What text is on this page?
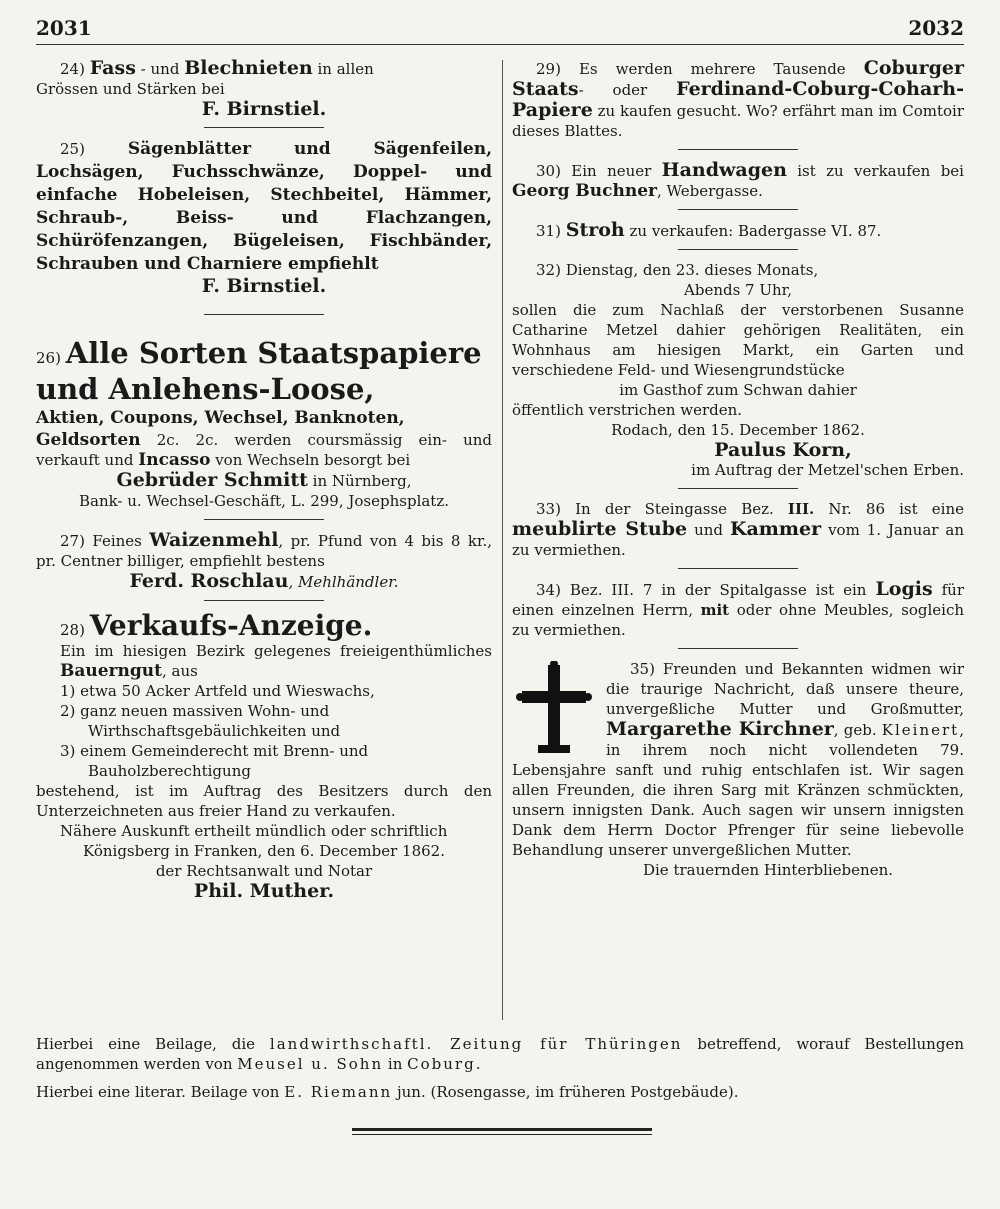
2031	2032

24) Fass - und Blechnieten in allen

Grössen und Stärken bei

F. Birnstiel.

25)	Sägenblätter und Sägenfeilen, Lochsägen, Fuchsschwänze, Doppel- und einfache Hobeleisen, Stechbeitel, Hämmer, Schraub-, Beiss- und Flachzangen, Schüröfenzangen, Bügeleisen, Fischbänder, Schrauben und Charniere empfiehlt

F. Birnstiel.

26) Alle Sorten Staatspapiere

und Anlehens-Loose,

Aktien, Coupons, Wechsel, Banknoten,

Geldsorten 2c. 2c. werden coursmässig ein- und verkauft und Incasso von Wechseln besorgt bei

Gebrüder Schmitt in Nürnberg,

Bank- u. Wechsel-Geschäft, L. 299, Josephsplatz.

27) Feines Waizenmehl, pr. Pfund von 4 bis 8 kr., pr. Centner billiger, empfiehlt bestens

Ferd. Roschlau, Mehlhändler.

28) Verkaufs-Anzeige.

Ein im hiesigen Bezirk gelegenes freieigenthümliches Bauerngut, aus

1) etwa 50 Acker Artfeld und Wieswachs,

2) ganz neuen massiven Wohn- und Wirthschaftsgebäulichkeiten und

3) einem Gemeinderecht mit Brenn- und Bauholzberechtigung

bestehend, ist im Auftrag des Besitzers durch den Unterzeichneten aus freier Hand zu verkaufen.

Nähere Auskunft ertheilt mündlich oder schriftlich

Königsberg in Franken, den 6. December 1862.

der Rechtsanwalt und Notar

Phil. Muther.

29) Es werden mehrere Tausende Coburger Staats- oder Ferdinand-Coburg-Coharh-Papiere zu kaufen gesucht. Wo? erfährt man im Comtoir dieses Blattes.

30) Ein neuer Handwagen ist zu verkaufen bei Georg Buchner, Webergasse.

31) Stroh zu verkaufen: Badergasse VI. 87.

32) Dienstag, den 23. dieses Monats,

Abends 7 Uhr,

sollen die zum Nachlaß der verstorbenen Susanne Catharine Metzel dahier gehörigen Realitäten, ein Wohnhaus am hiesigen Markt, ein Garten und verschiedene Feld- und Wiesengrundstücke

im Gasthof zum Schwan dahier

öffentlich verstrichen werden.

Rodach, den 15. December 1862.

Paulus Korn,

im Auftrag der Metzel'schen Erben.

33) In der Steingasse Bez. III. Nr. 86 ist eine meublirte Stube und Kammer vom 1. Januar an zu vermiethen.

34) Bez. III. 7 in der Spitalgasse ist ein Logis für einen einzelnen Herrn, mit oder ohne Meubles, sogleich zu vermiethen.

35) Freunden und Bekannten widmen wir die traurige Nachricht, daß unsere theure, unvergeßliche Mutter und Großmutter, Margarethe Kirchner, geb. Kleinert, in ihrem noch nicht vollendeten 79. Lebensjahre sanft und ruhig entschlafen ist. Wir sagen allen Freunden, die ihren Sarg mit Kränzen schmückten, unsern innigsten Dank. Auch sagen wir unsern innigsten Dank dem Herrn Doctor Pfrenger für seine liebevolle Behandlung unserer unvergeßlichen Mutter.

Die trauernden Hinterbliebenen.

Hierbei eine Beilage, die landwirthschaftl. Zeitung für Thüringen betreffend, worauf Bestellungen angenommen werden von Meusel u. Sohn in Coburg.

Hierbei eine literar. Beilage von E. Riemann jun. (Rosengasse, im früheren Postgebäude).
